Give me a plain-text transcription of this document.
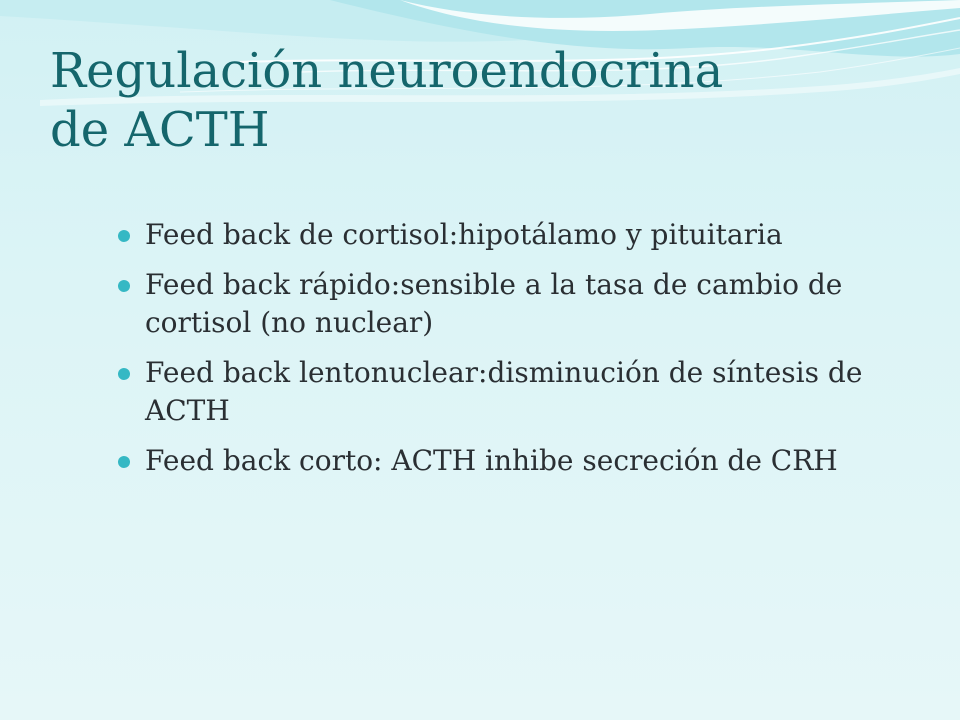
Regulación neuroendocrina
de ACTH
Feed back de cortisol:hipotálamo y pituitaria
Feed back rápido:sensible a la tasa de cambio de cortisol (no nuclear)
Feed back lentonuclear:disminución de síntesis de ACTH
Feed back corto: ACTH inhibe secreción de CRH
